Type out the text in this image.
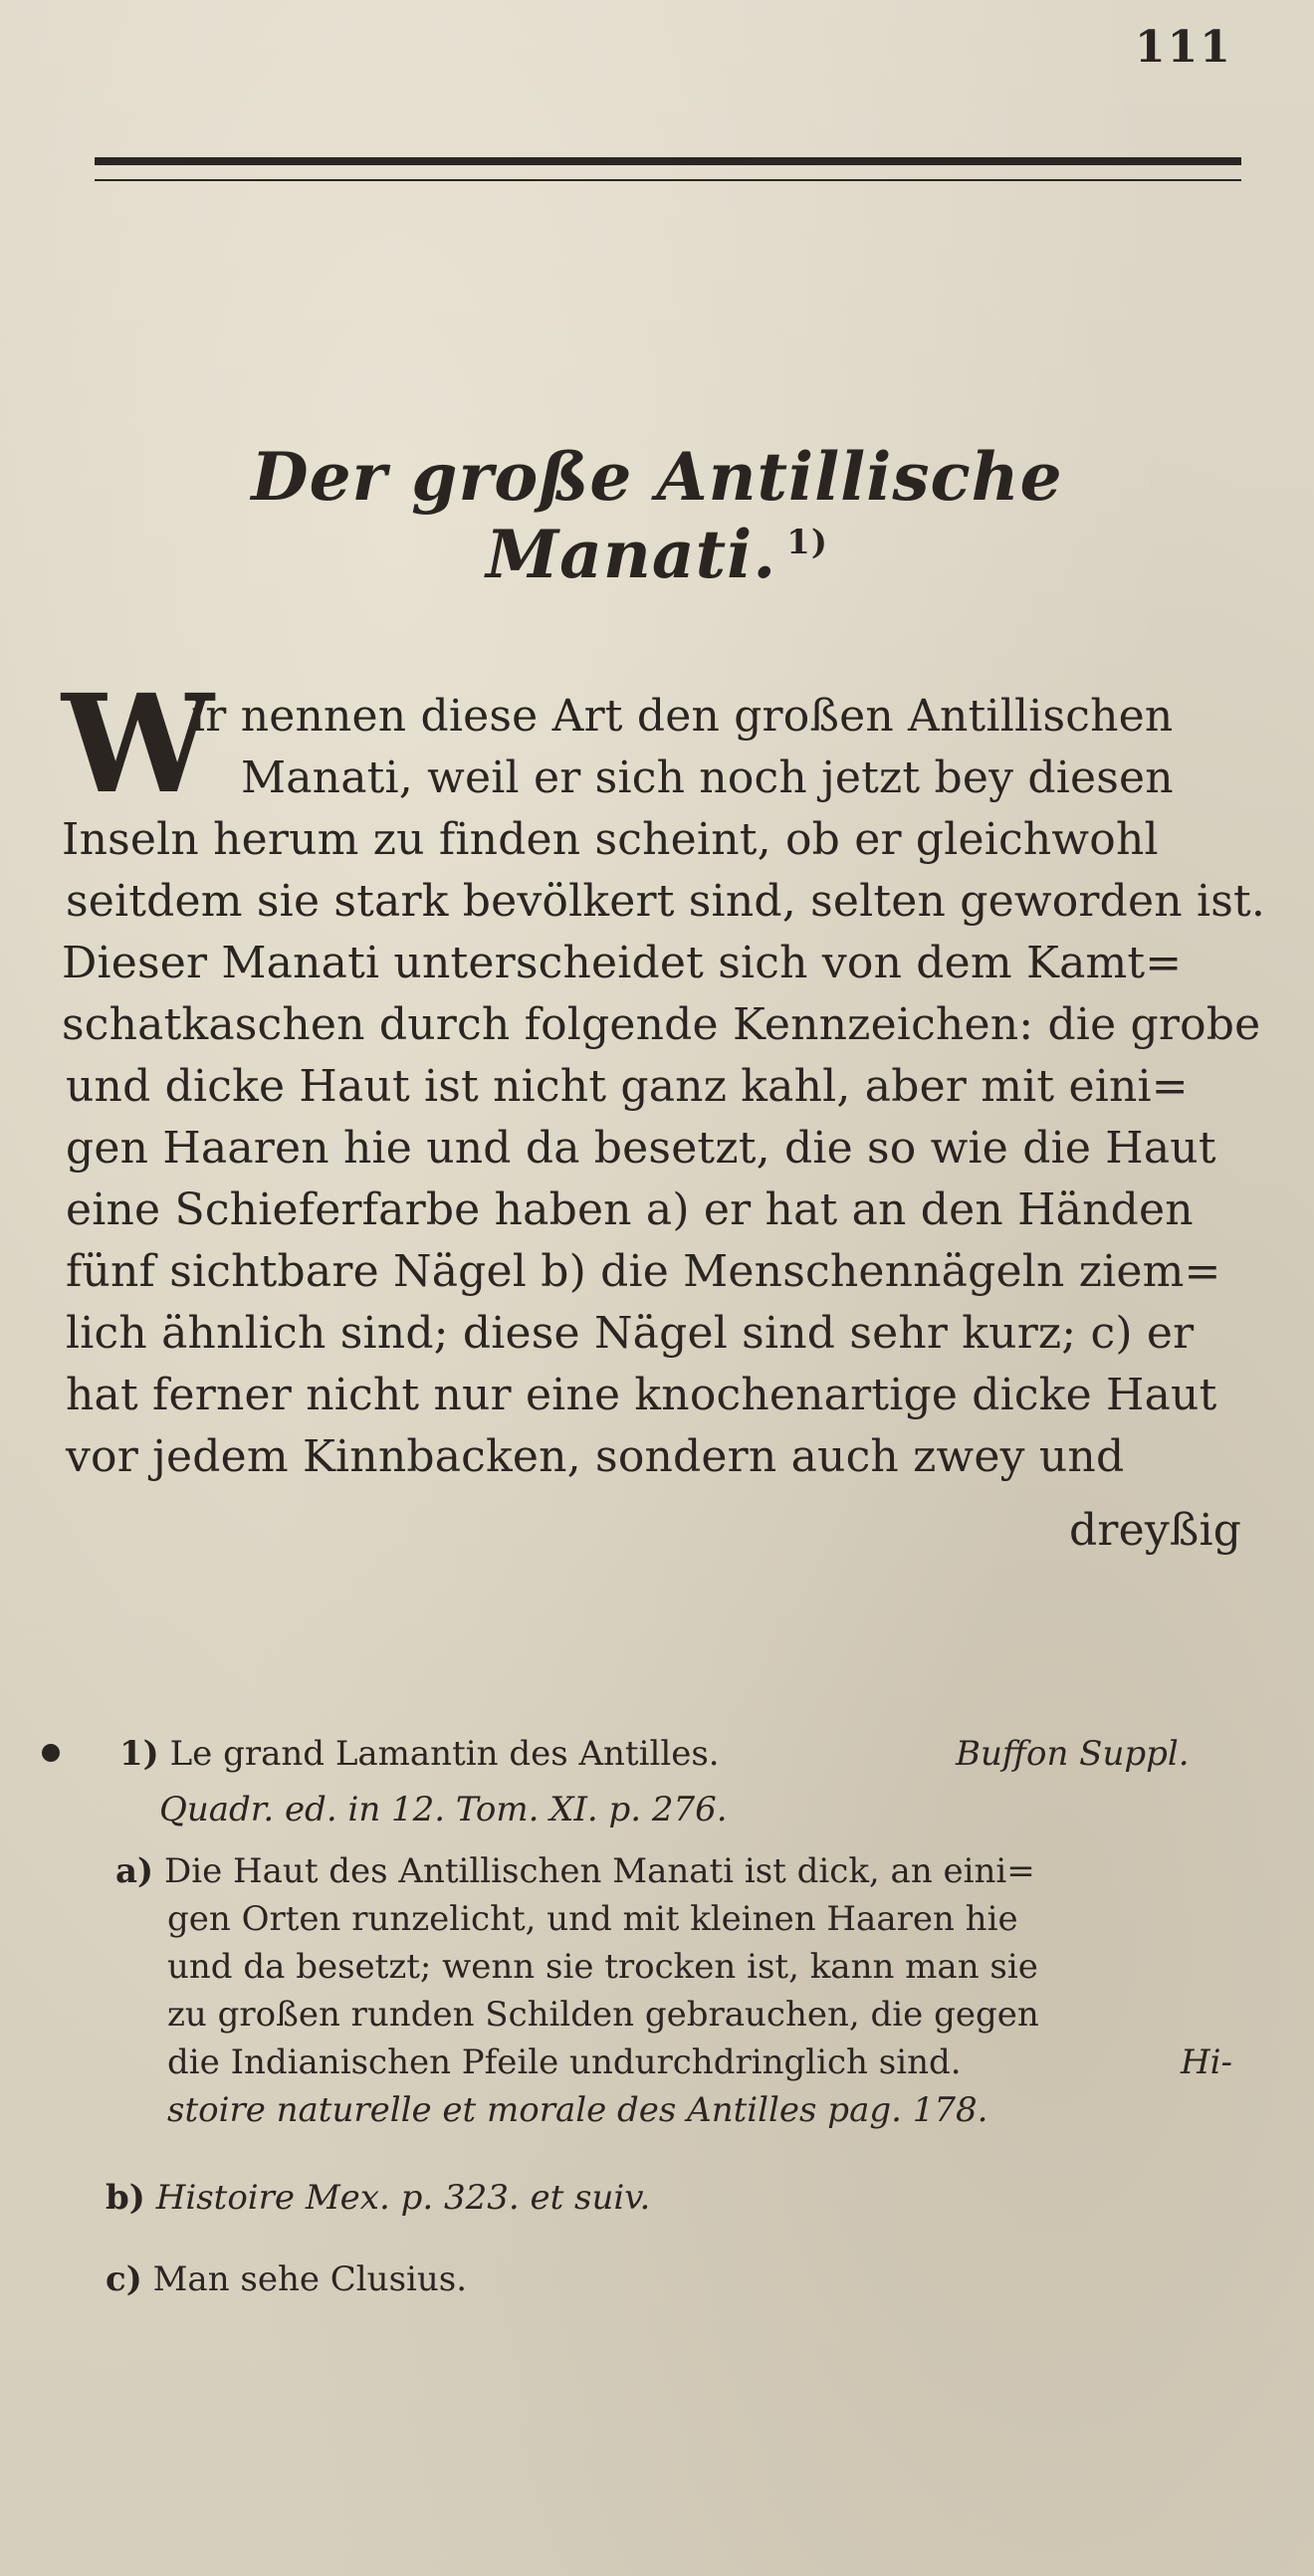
111
Der große Antillische Manati. $^{1)}$
W
ir nennen diese Art den großen Antillischen
Manati, weil er sich noch jetzt bey diesen
Inseln herum zu finden scheint, ob er gleichwohl
seitdem sie stark bevölkert sind, selten geworden ist.
Dieser Manati unterscheidet sich von dem Kamt=
schatkaschen durch folgende Kennzeichen: die grobe
und dicke Haut ist nicht ganz kahl, aber mit eini=
gen Haaren hie und da besetzt, die so wie die Haut
eine Schieferfarbe haben a) er hat an den Händen
fünf sichtbare Nägel b) die Menschennägeln ziem=
lich ähnlich sind; diese Nägel sind sehr kurz; c) er
hat ferner nicht nur eine knochenartige dicke Haut
vor jedem Kinnbacken, sondern auch zwey und
dreyßig
1) Le grand Lamantin des Antilles.	Buffon Suppl.
Quadr. ed. in 12. Tom. XI. p. 276.
a) Die Haut des Antillischen Manati ist dick, an eini=
gen Orten runzelicht, und mit kleinen Haaren hie
und da besetzt; wenn sie trocken ist, kann man sie
zu großen runden Schilden gebrauchen, die gegen
die Indianischen Pfeile undurchdringlich sind.	Hi-
stoire naturelle et morale des Antilles pag. 178.
b) Histoire Mex. p. 323. et suiv.
c) Man sehe Clusius.
